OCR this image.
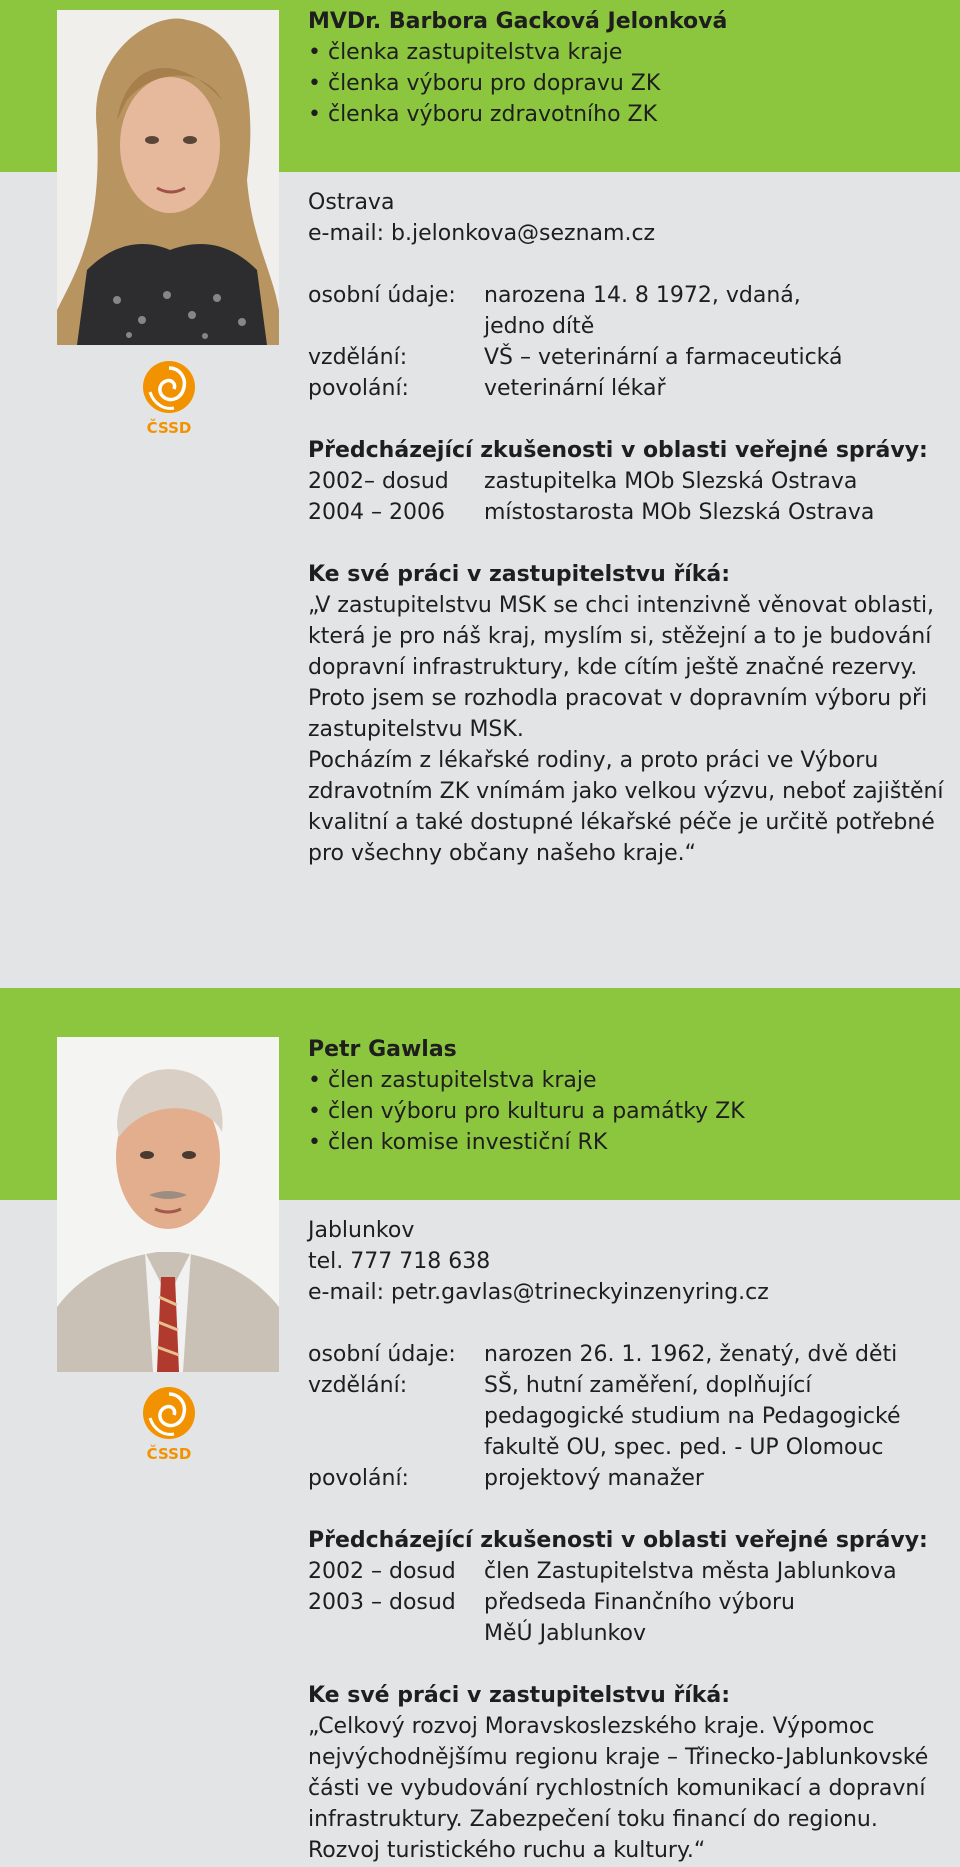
ČSSD
MVDr. Barbora Gacková Jelonková
• členka zastupitelstva kraje
• členka výboru pro dopravu ZK
• členka výboru zdravotního ZK
Ostrava
e-mail: b.jelonkova@seznam.cz
osobní údaje:	narozena 14. 8 1972, vdaná, jedno dítě
vzdělání:	VŠ – veterinární a farmaceutická
povolání:	veterinární lékař
Předcházející zkušenosti v oblasti veřejné správy:
2002– dosud	zastupitelka MOb Slezská Ostrava
2004 – 2006	místostarosta MOb Slezská Ostrava
Ke své práci v zastupitelstvu říká:

„V zastupitelstvu MSK se chci intenzivně věnovat oblasti, která je pro náš kraj, myslím si, stěžejní a to je budování dopravní infrastruktury, kde cítím ještě značné rezervy. Proto jsem se rozhodla pracovat v dopravním výboru při zastupitelstvu MSK.

Pocházím z lékařské rodiny, a proto práci ve Výboru zdravotním ZK vnímám jako velkou výzvu, neboť zajištění kvalitní a také dostupné lékařské péče je určitě potřebné pro všechny občany našeho kraje.“

ČSSD
Petr Gawlas
• člen zastupitelstva kraje
• člen výboru pro kulturu a památky ZK
• člen komise investiční RK
Jablunkov
tel. 777 718 638
e-mail: petr.gavlas@trineckyinzenyring.cz
osobní údaje:	narozen 26. 1. 1962, ženatý, dvě děti
vzdělání:	SŠ, hutní zaměření, doplňující pedagogické studium na Pedagogické fakultě OU, spec. ped. - UP Olomouc
povolání:	projektový manažer
Předcházející zkušenosti v oblasti veřejné správy:
2002 – dosud	člen Zastupitelstva města Jablunkova
2003 – dosud	předseda Finančního výboru MěÚ Jablunkov
Ke své práci v zastupitelstvu říká:

„Celkový rozvoj Moravskoslezského kraje. Výpomoc nejvýchodnějšímu regionu kraje – Třinecko-Jablunkovské části ve vybudování rychlostních komunikací a dopravní infrastruktury. Zabezpečení toku financí do regionu. Rozvoj turistického ruchu a kultury.“
